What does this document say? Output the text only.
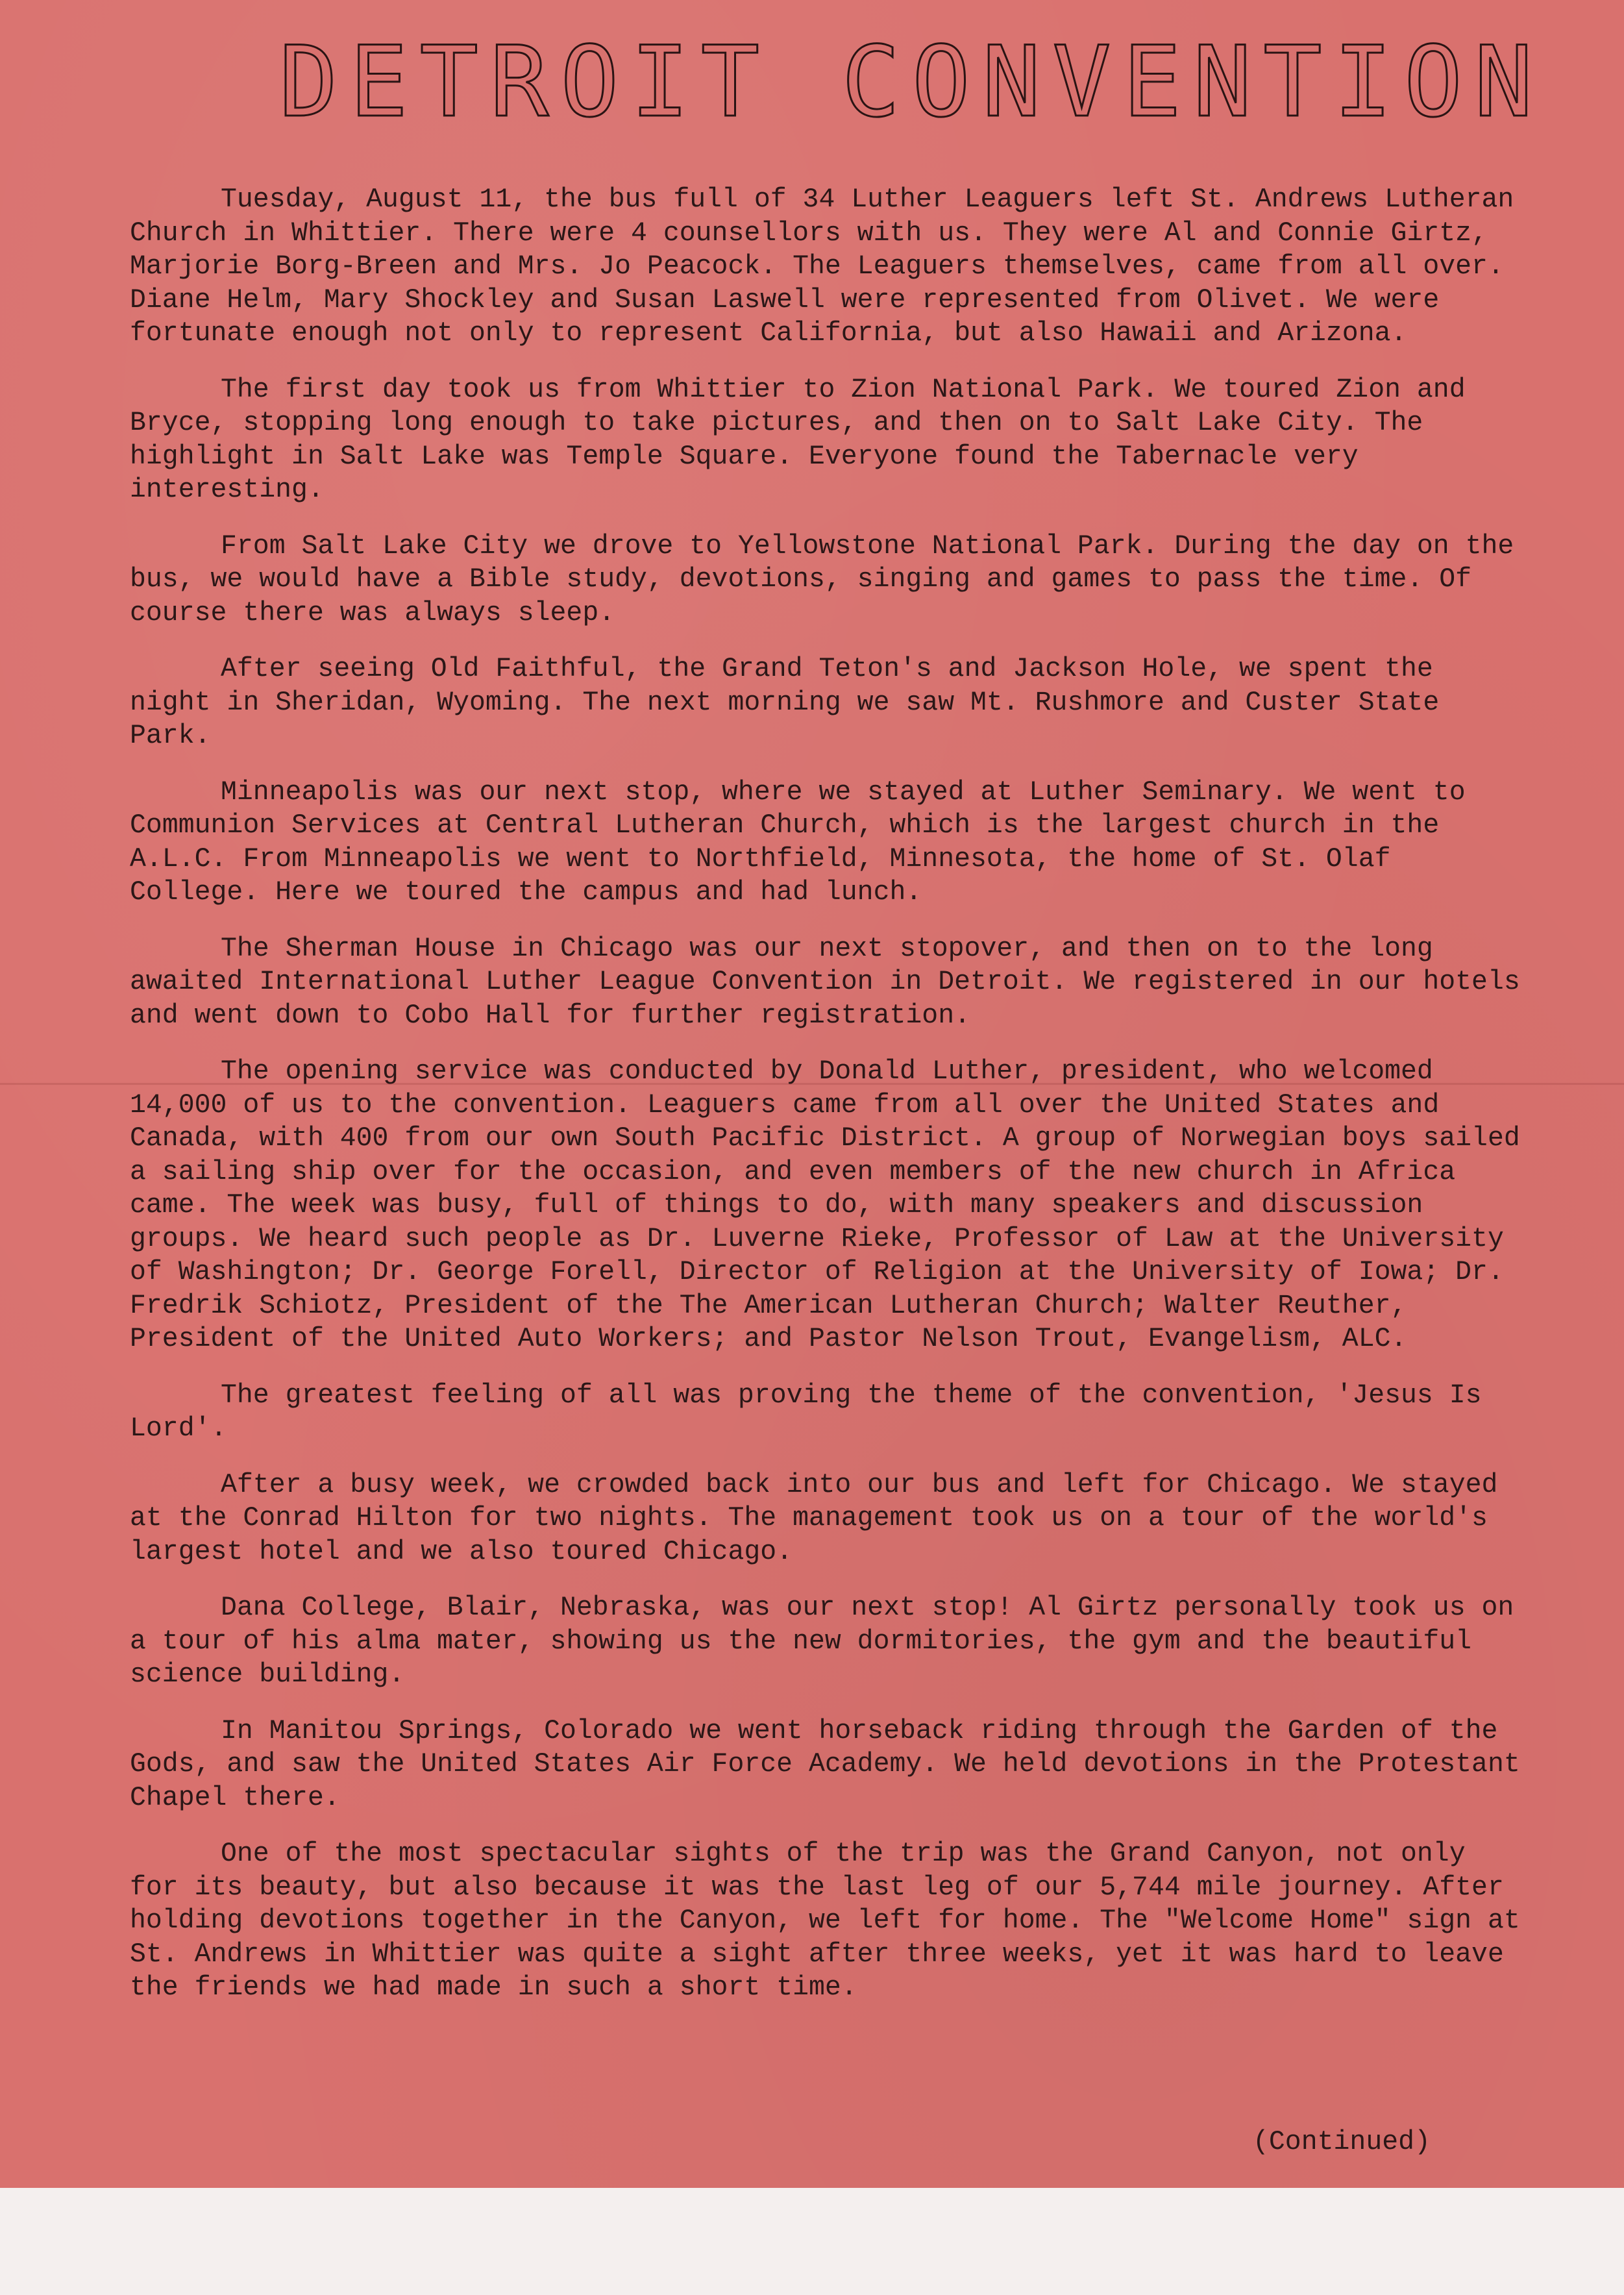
DETROIT CONVENTION

Tuesday, August 11, the bus full of 34 Luther Leaguers left St. Andrews Lutheran Church in Whittier. There were 4 counsellors with us. They were Al and Connie Girtz, Marjorie Borg-Breen and Mrs. Jo Peacock. The Leaguers themselves, came from all over. Diane Helm, Mary Shockley and Susan Laswell were represented from Olivet. We were fortunate enough not only to represent California, but also Hawaii and Arizona.

The first day took us from Whittier to Zion National Park. We toured Zion and Bryce, stopping long enough to take pictures, and then on to Salt Lake City. The highlight in Salt Lake was Temple Square. Everyone found the Tabernacle very interesting.

From Salt Lake City we drove to Yellowstone National Park. During the day on the bus, we would have a Bible study, devotions, singing and games to pass the time. Of course there was always sleep.

After seeing Old Faithful, the Grand Teton's and Jackson Hole, we spent the night in Sheridan, Wyoming. The next morning we saw Mt. Rushmore and Custer State Park.

Minneapolis was our next stop, where we stayed at Luther Seminary. We went to Communion Services at Central Lutheran Church, which is the largest church in the A.L.C. From Minneapolis we went to Northfield, Minnesota, the home of St. Olaf College. Here we toured the campus and had lunch.

The Sherman House in Chicago was our next stopover, and then on to the long awaited International Luther League Convention in Detroit. We registered in our hotels and went down to Cobo Hall for further registration.

The opening service was conducted by Donald Luther, president, who welcomed 14,000 of us to the convention. Leaguers came from all over the United States and Canada, with 400 from our own South Pacific District. A group of Norwegian boys sailed a sailing ship over for the occasion, and even members of the new church in Africa came. The week was busy, full of things to do, with many speakers and discussion groups. We heard such people as Dr. Luverne Rieke, Professor of Law at the University of Washington; Dr. George Forell, Director of Religion at the University of Iowa; Dr. Fredrik Schiotz, President of the The American Lutheran Church; Walter Reuther, President of the United Auto Workers; and Pastor Nelson Trout, Evangelism, ALC.

The greatest feeling of all was proving the theme of the convention, 'Jesus Is Lord'.

After a busy week, we crowded back into our bus and left for Chicago. We stayed at the Conrad Hilton for two nights. The management took us on a tour of the world's largest hotel and we also toured Chicago.

Dana College, Blair, Nebraska, was our next stop! Al Girtz personally took us on a tour of his alma mater, showing us the new dormitories, the gym and the beautiful science building.

In Manitou Springs, Colorado we went horseback riding through the Garden of the Gods, and saw the United States Air Force Academy. We held devotions in the Protestant Chapel there.

One of the most spectacular sights of the trip was the Grand Canyon, not only for its beauty, but also because it was the last leg of our 5,744 mile journey. After holding devotions together in the Canyon, we left for home. The "Welcome Home" sign at St. Andrews in Whittier was quite a sight after three weeks, yet it was hard to leave the friends we had made in such a short time.

(Continued)
